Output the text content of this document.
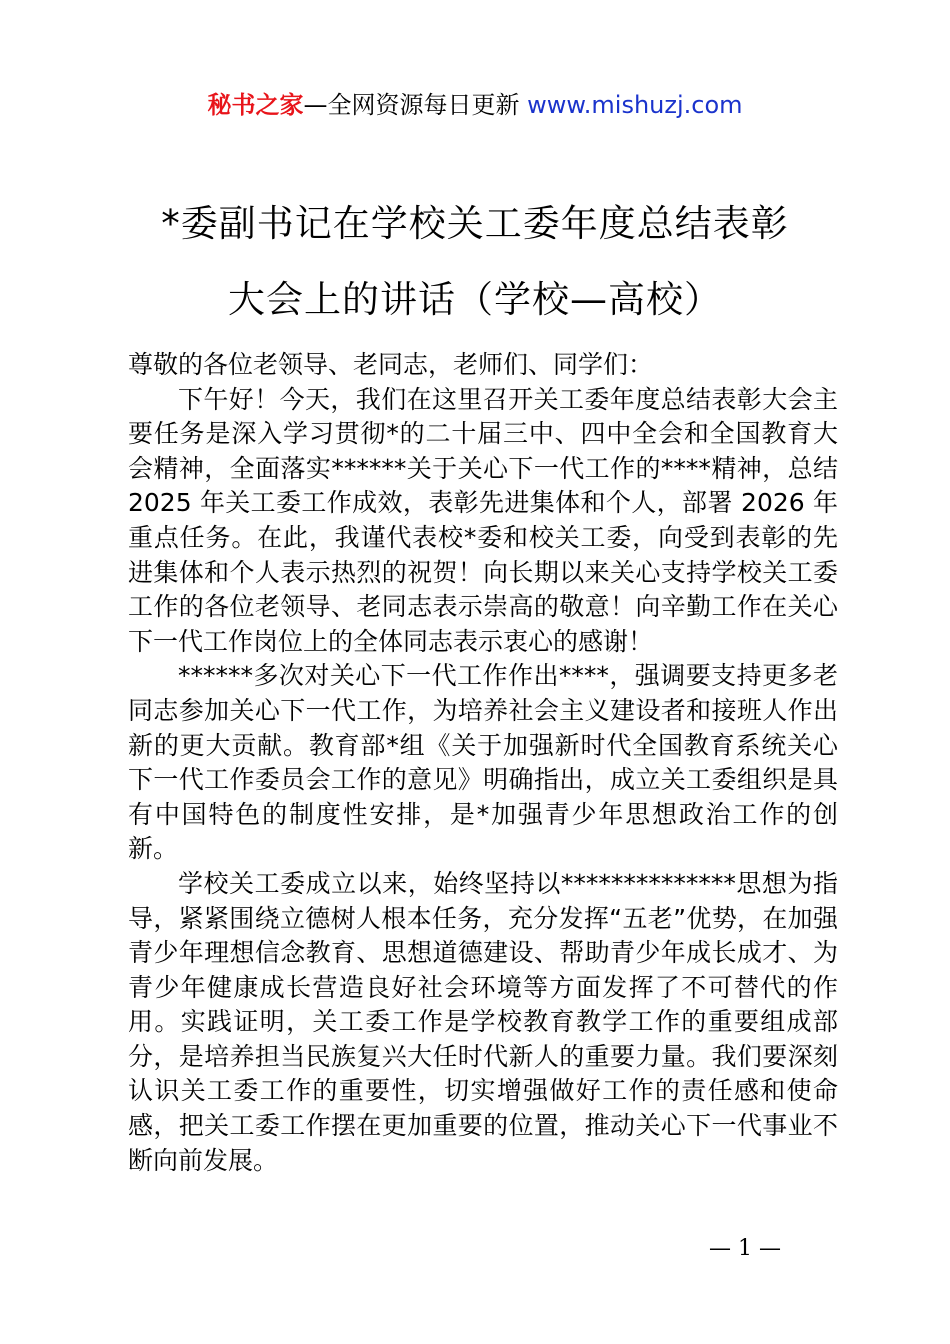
秘书之家—全网资源每日更新 www.mishuzj.com
*委副书记在学校关工委年度总结表彰
大会上的讲话（学校—高校）

尊敬的各位老领导、老同志，老师们、同学们：

下午好！今天，我们在这里召开关工委年度总结表彰大会主要任务是深入学习贯彻*的二十届三中、四中全会和全国教育大会精神，全面落实******关于关心下一代工作的****精神，总结 2025 年关工委工作成效，表彰先进集体和个人，部署 2026 年重点任务。在此，我谨代表校*委和校关工委，向受到表彰的先进集体和个人表示热烈的祝贺！向长期以来关心支持学校关工委工作的各位老领导、老同志表示崇高的敬意！向辛勤工作在关心下一代工作岗位上的全体同志表示衷心的感谢！

******多次对关心下一代工作作出****，强调要支持更多老同志参加关心下一代工作，为培养社会主义建设者和接班人作出新的更大贡献。教育部*组《关于加强新时代全国教育系统关心下一代工作委员会工作的意见》明确指出，成立关工委组织是具有中国特色的制度性安排，是*加强青少年思想政治工作的创新。

学校关工委成立以来，始终坚持以**************思想为指导，紧紧围绕立德树人根本任务，充分发挥“五老”优势，在加强青少年理想信念教育、思想道德建设、帮助青少年成长成才、为青少年健康成长营造良好社会环境等方面发挥了不可替代的作用。实践证明，关工委工作是学校教育教学工作的重要组成部分，是培养担当民族复兴大任时代新人的重要力量。我们要深刻认识关工委工作的重要性，切实增强做好工作的责任感和使命感，把关工委工作摆在更加重要的位置，推动关心下一代事业不断向前发展。

— 1 —
